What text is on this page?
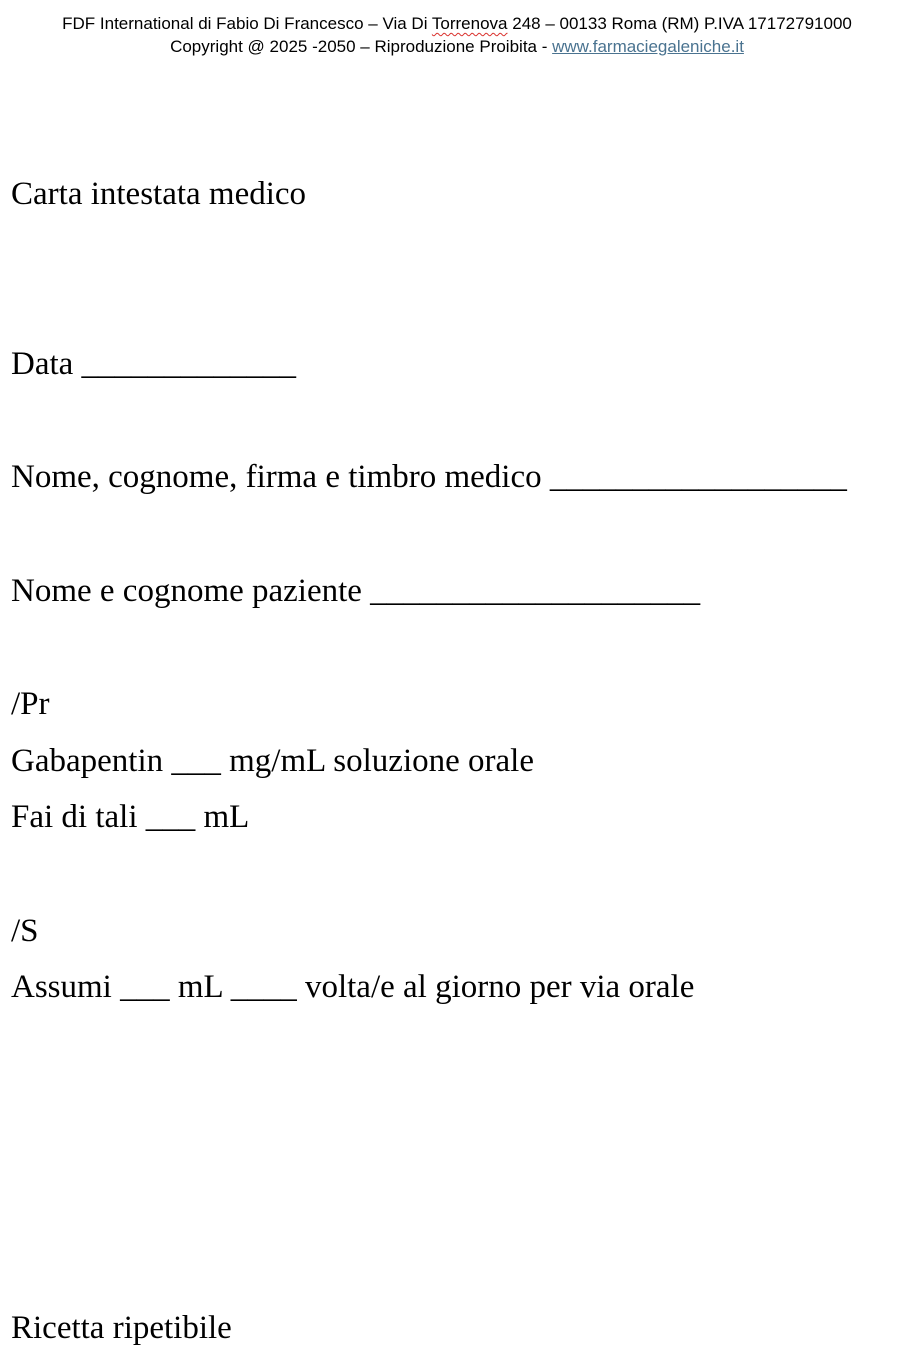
FDF International di Fabio Di Francesco – Via Di Torrenova 248 – 00133 Roma (RM) P.IVA 17172791000
Copyright @ 2025 -2050 – Riproduzione Proibita - www.farmaciegaleniche.it
Carta intestata medico
Data _____________
Nome, cognome, firma e timbro medico __________________
Nome e cognome paziente ____________________
/Pr
Gabapentin ___ mg/mL soluzione orale
Fai di tali ___ mL
/S
Assumi ___ mL ____ volta/e al giorno per via orale
Ricetta ripetibile
